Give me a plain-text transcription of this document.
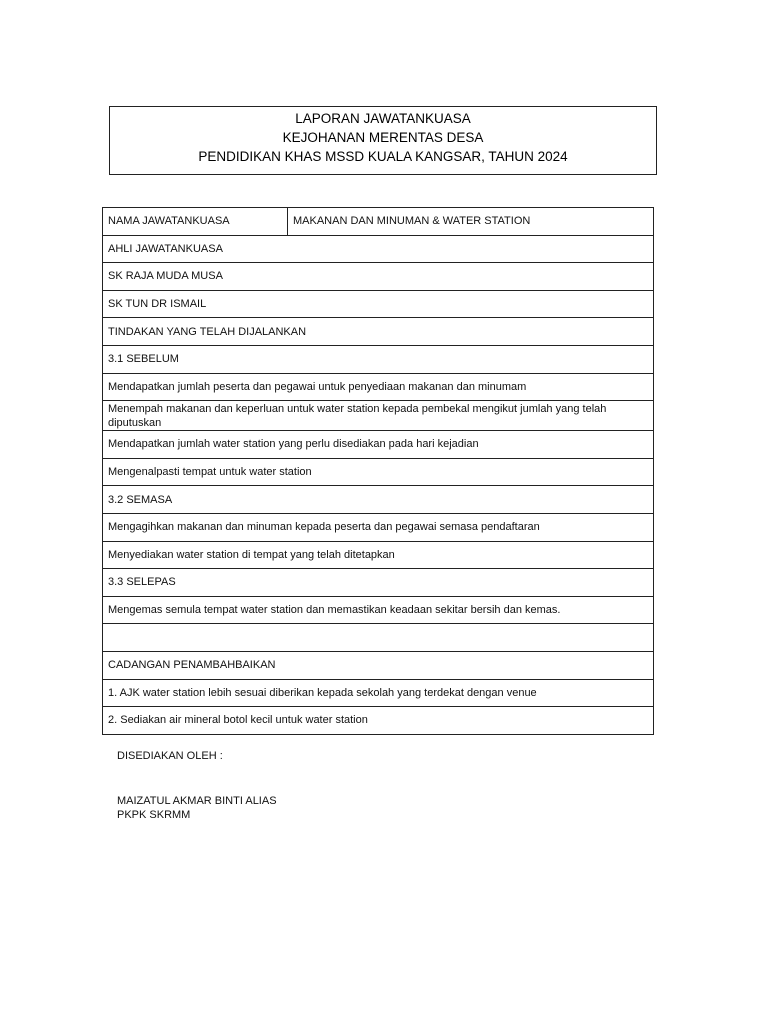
LAPORAN JAWATANKUASA
KEJOHANAN MERENTAS DESA
PENDIDIKAN KHAS MSSD KUALA KANGSAR, TAHUN 2024
NAMA JAWATANKUASA	MAKANAN DAN MINUMAN & WATER STATION
AHLI JAWATANKUASA
SK RAJA MUDA MUSA
SK TUN DR ISMAIL
TINDAKAN YANG TELAH DIJALANKAN
3.1 SEBELUM
Mendapatkan jumlah peserta dan pegawai untuk penyediaan makanan dan minumam
Menempah makanan dan keperluan untuk water station kepada pembekal mengikut jumlah yang telah diputuskan
Mendapatkan jumlah water station yang perlu disediakan pada hari kejadian
Mengenalpasti tempat untuk water station
3.2 SEMASA
Mengagihkan makanan dan minuman kepada peserta dan pegawai semasa pendaftaran
Menyediakan water station di tempat yang telah ditetapkan
3.3 SELEPAS
Mengemas semula tempat water station dan memastikan keadaan sekitar bersih dan kemas.

CADANGAN PENAMBAHBAIKAN
1. AJK water station lebih sesuai diberikan kepada sekolah yang terdekat dengan venue
2. Sediakan air mineral botol kecil untuk water station
DISEDIAKAN OLEH :
MAIZATUL AKMAR BINTI ALIAS
PKPK SKRMM
